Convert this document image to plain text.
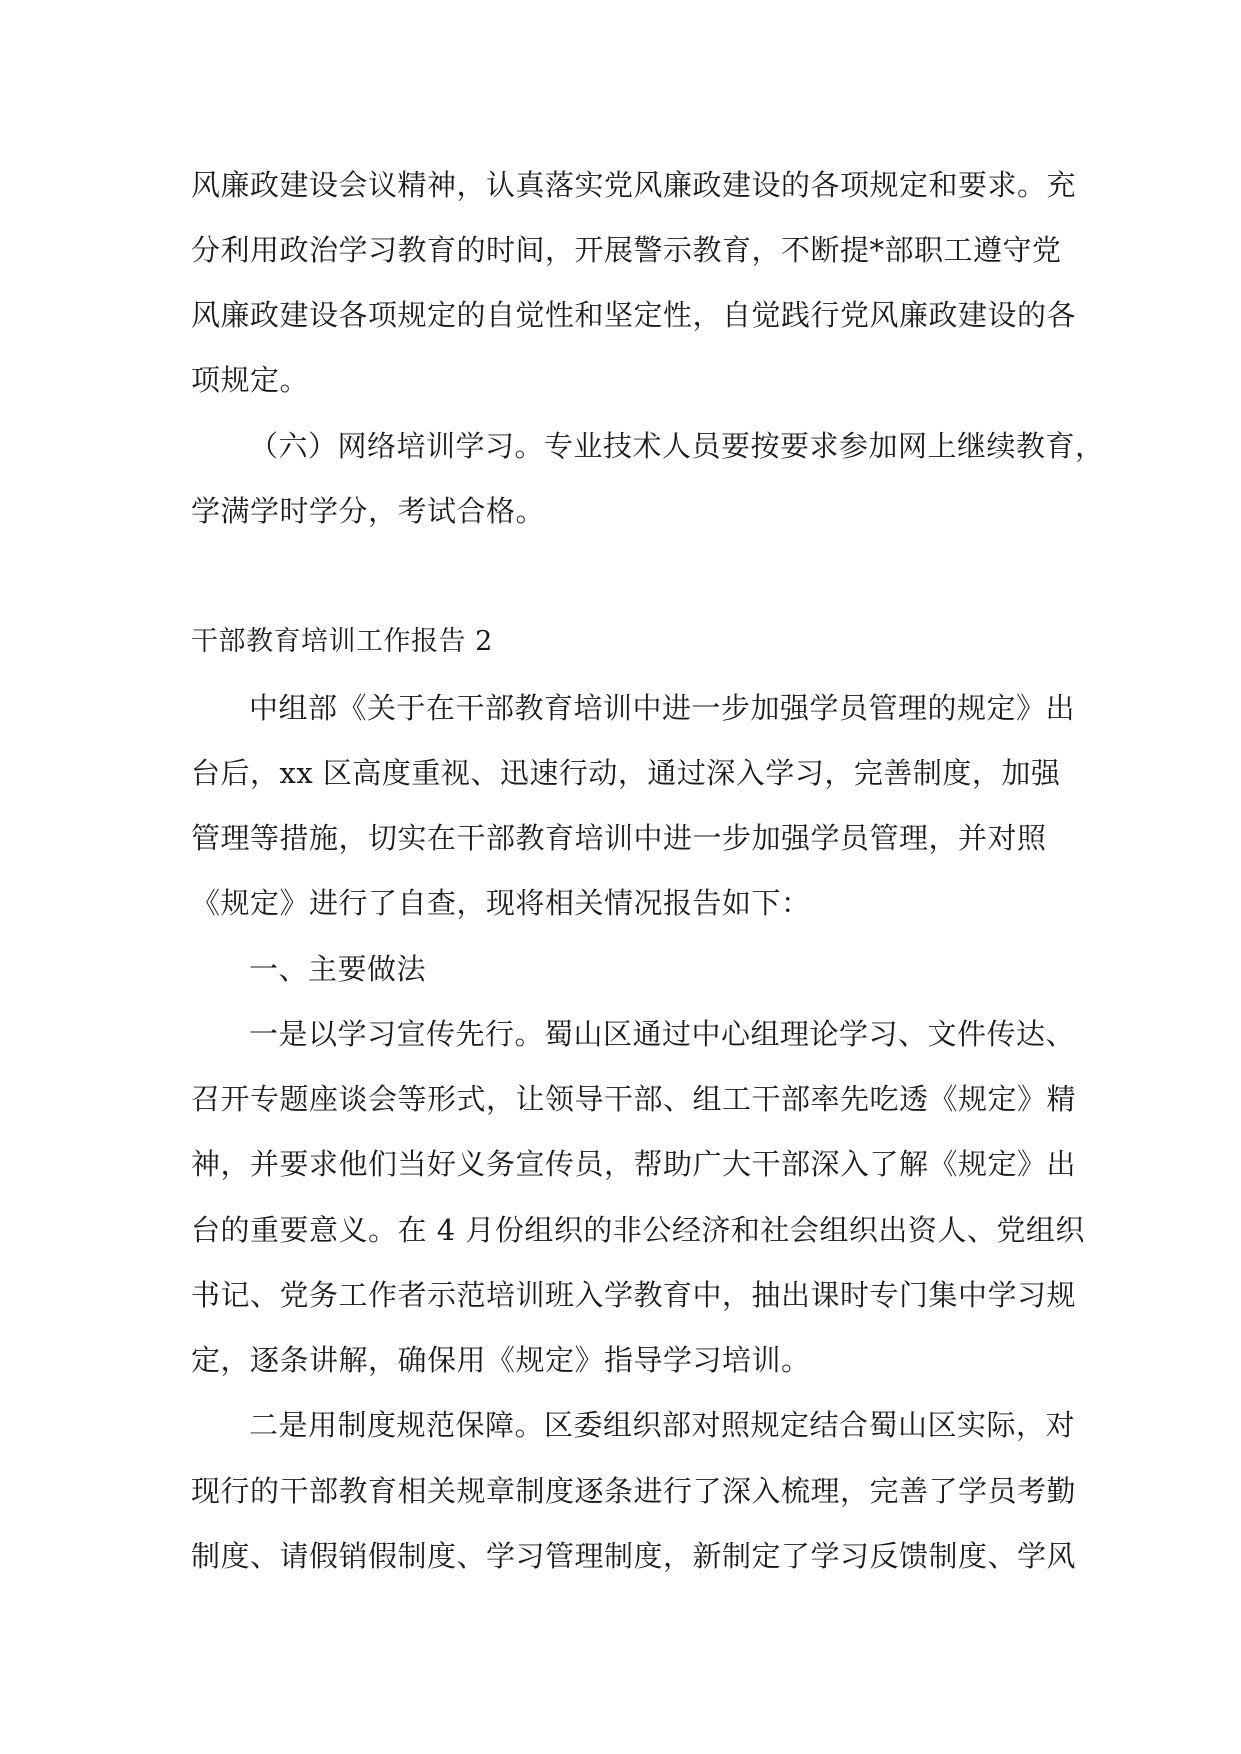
风廉政建设会议精神，认真落实党风廉政建设的各项规定和要求。充
分利用政治学习教育的时间，开展警示教育，不断提*部职工遵守党
风廉政建设各项规定的自觉性和坚定性，自觉践行党风廉政建设的各
项规定。
（六）网络培训学习。专业技术人员要按要求参加网上继续教育，
学满学时学分，考试合格。
干部教育培训工作报告 2
中组部《关于在干部教育培训中进一步加强学员管理的规定》出
台后，xx 区高度重视、迅速行动，通过深入学习，完善制度，加强
管理等措施，切实在干部教育培训中进一步加强学员管理，并对照
《规定》进行了自查，现将相关情况报告如下：
一、主要做法
一是以学习宣传先行。蜀山区通过中心组理论学习、文件传达、
召开专题座谈会等形式，让领导干部、组工干部率先吃透《规定》精
神，并要求他们当好义务宣传员，帮助广大干部深入了解《规定》出
台的重要意义。在 4 月份组织的非公经济和社会组织出资人、党组织
书记、党务工作者示范培训班入学教育中，抽出课时专门集中学习规
定，逐条讲解，确保用《规定》指导学习培训。
二是用制度规范保障。区委组织部对照规定结合蜀山区实际，对
现行的干部教育相关规章制度逐条进行了深入梳理，完善了学员考勤
制度、请假销假制度、学习管理制度，新制定了学习反馈制度、学风
